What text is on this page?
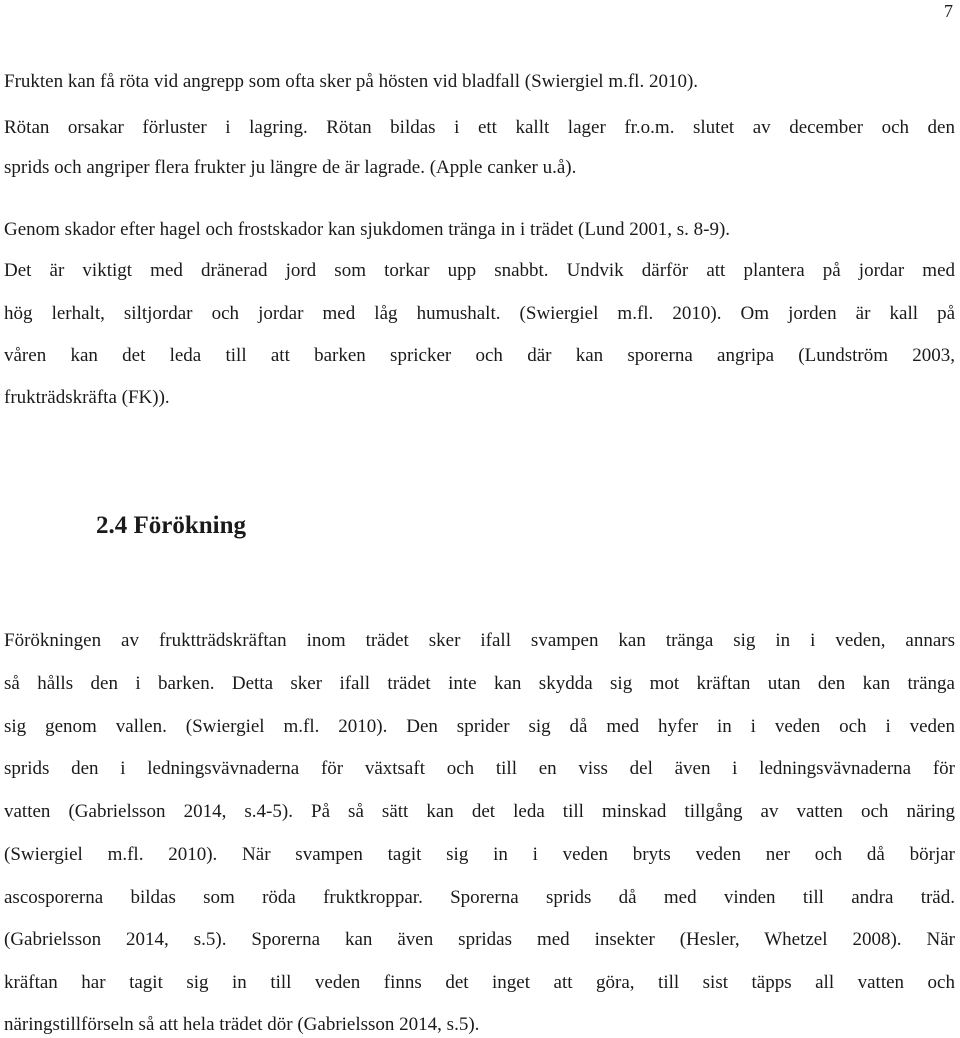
7
Frukten kan få röta vid angrepp som ofta sker på hösten vid bladfall (Swiergiel m.fl. 2010).
Rötan orsakar förluster i lagring. Rötan bildas i ett kallt lager fr.o.m. slutet av december och den
sprids och angriper flera frukter ju längre de är lagrade. (Apple canker u.å).
Genom skador efter hagel och frostskador kan sjukdomen tränga in i trädet (Lund 2001, s. 8-9).
Det är viktigt med dränerad jord som torkar upp snabbt. Undvik därför att plantera på jordar med
hög lerhalt, siltjordar och jordar med låg humushalt. (Swiergiel m.fl. 2010). Om jorden är kall på
våren kan det leda till att barken spricker och där kan sporerna angripa (Lundström 2003,
frukträdskräfta (FK)).
2.4 Förökning
Förökningen av fruktträdskräftan inom trädet sker ifall svampen kan tränga sig in i veden, annars
så hålls den i barken. Detta sker ifall trädet inte kan skydda sig mot kräftan utan den kan tränga
sig genom vallen. (Swiergiel m.fl. 2010). Den sprider sig då med hyfer in i veden och i veden
sprids den i ledningsvävnaderna för växtsaft och till en viss del även i ledningsvävnaderna för
vatten (Gabrielsson 2014, s.4-5). På så sätt kan det leda till minskad tillgång av vatten och näring
(Swiergiel m.fl. 2010). När svampen tagit sig in i veden bryts veden ner och då börjar
ascosporerna bildas som röda fruktkroppar. Sporerna sprids då med vinden till andra träd.
(Gabrielsson 2014, s.5). Sporerna kan även spridas med insekter (Hesler, Whetzel 2008). När
kräftan har tagit sig in till veden finns det inget att göra, till sist täpps all vatten och
näringstillförseln så att hela trädet dör (Gabrielsson 2014, s.5).
